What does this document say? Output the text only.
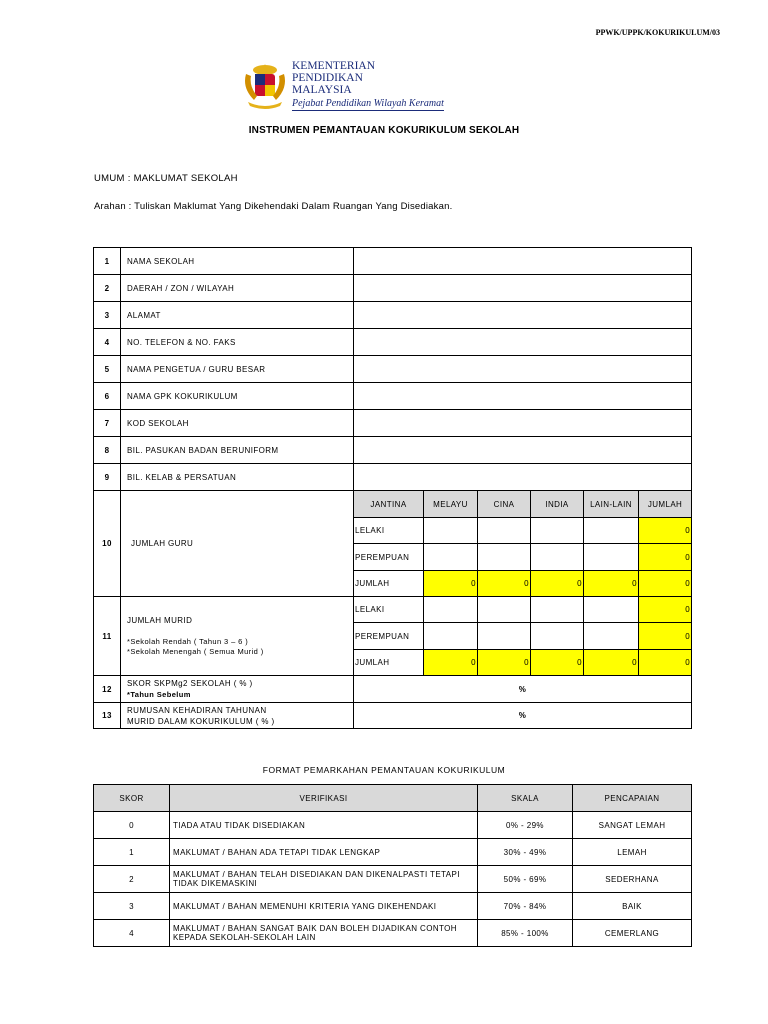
PPWK/UPPK/KOKURIKULUM/03
KEMENTERIAN
PENDIDIKAN
MALAYSIA
Pejabat Pendidikan Wilayah Keramat
INSTRUMEN PEMANTAUAN KOKURIKULUM SEKOLAH
UMUM : MAKLUMAT SEKOLAH
Arahan : Tuliskan Maklumat Yang Dikehendaki Dalam Ruangan Yang Disediakan.
1	NAMA SEKOLAH						
2	DAERAH / ZON / WILAYAH						
3	ALAMAT						
4	NO. TELEFON & NO. FAKS						
5	NAMA PENGETUA / GURU BESAR						
6	NAMA GPK KOKURIKULUM						
7	KOD SEKOLAH						
8	BIL. PASUKAN BADAN BERUNIFORM						
9	BIL. KELAB & PERSATUAN						
10	JUMLAH GURU	JANTINA	MELAYU	CINA	INDIA	LAIN-LAIN	JUMLAH
		LELAKI					0
		PEREMPUAN					0
		JUMLAH	0	0	0	0	0
11	JUMLAH MURID
*Sekolah Rendah ( Tahun 3 – 6 )
*Sekolah Menengah ( Semua Murid )	LELAKI					0
		PEREMPUAN					0
		JUMLAH	0	0	0	0	0
12	SKOR SKPMg2 SEKOLAH ( % )
*Tahun Sebelum	%					
13	RUMUSAN KEHADIRAN TAHUNAN
MURID DALAM KOKURIKULUM ( % )	%					
FORMAT PEMARKAHAN PEMANTAUAN KOKURIKULUM
SKOR	VERIFIKASI	SKALA	PENCAPAIAN
0	TIADA ATAU TIDAK DISEDIAKAN	0% - 29%	SANGAT LEMAH
1	MAKLUMAT / BAHAN ADA TETAPI TIDAK LENGKAP	30% - 49%	LEMAH
2	MAKLUMAT / BAHAN TELAH DISEDIAKAN DAN DIKENALPASTI TETAPI TIDAK DIKEMASKINI	50% - 69%	SEDERHANA
3	MAKLUMAT / BAHAN MEMENUHI KRITERIA YANG DIKEHENDAKI	70% - 84%	BAIK
4	MAKLUMAT / BAHAN SANGAT BAIK DAN BOLEH DIJADIKAN CONTOH KEPADA SEKOLAH-SEKOLAH LAIN	85% - 100%	CEMERLANG
